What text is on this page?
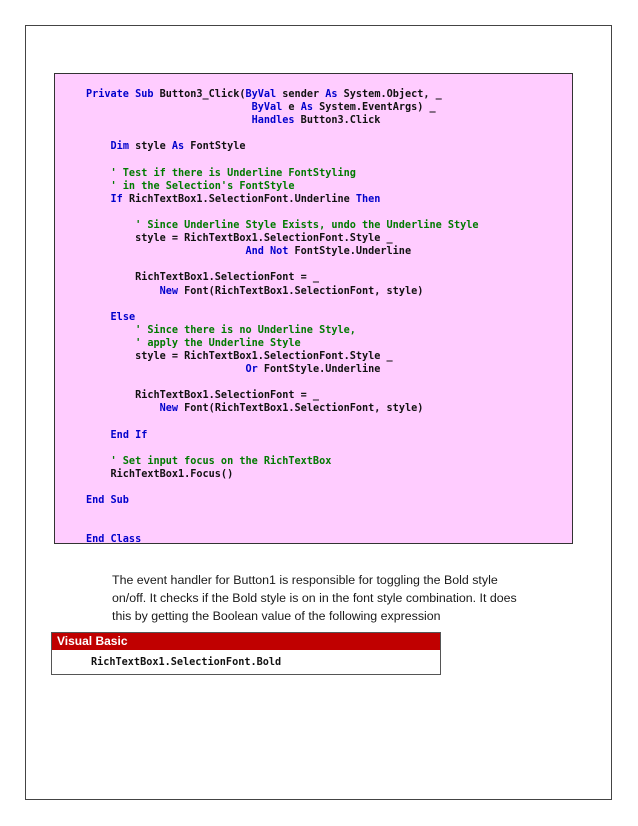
Private Sub Button3_Click(ByVal sender As System.Object, _
ByVal e As System.EventArgs) _
Handles Button3.Click
Dim style As FontStyle
' Test if there is Underline FontStyling
' in the Selection's FontStyle
If RichTextBox1.SelectionFont.Underline Then
' Since Underline Style Exists, undo the Underline Style
style = RichTextBox1.SelectionFont.Style _
And Not FontStyle.Underline
RichTextBox1.SelectionFont = _
New Font(RichTextBox1.SelectionFont, style)
Else
' Since there is no Underline Style,
' apply the Underline Style
style = RichTextBox1.SelectionFont.Style _
Or FontStyle.Underline
RichTextBox1.SelectionFont = _
New Font(RichTextBox1.SelectionFont, style)
End If
' Set input focus on the RichTextBox
RichTextBox1.Focus()
End Sub
End Class

The event handler for Button1 is responsible for toggling the Bold style

on/off. It checks if the Bold style is on in the font style combination. It does

this by getting the Boolean value of the following expression

Visual Basic
RichTextBox1.SelectionFont.Bold
